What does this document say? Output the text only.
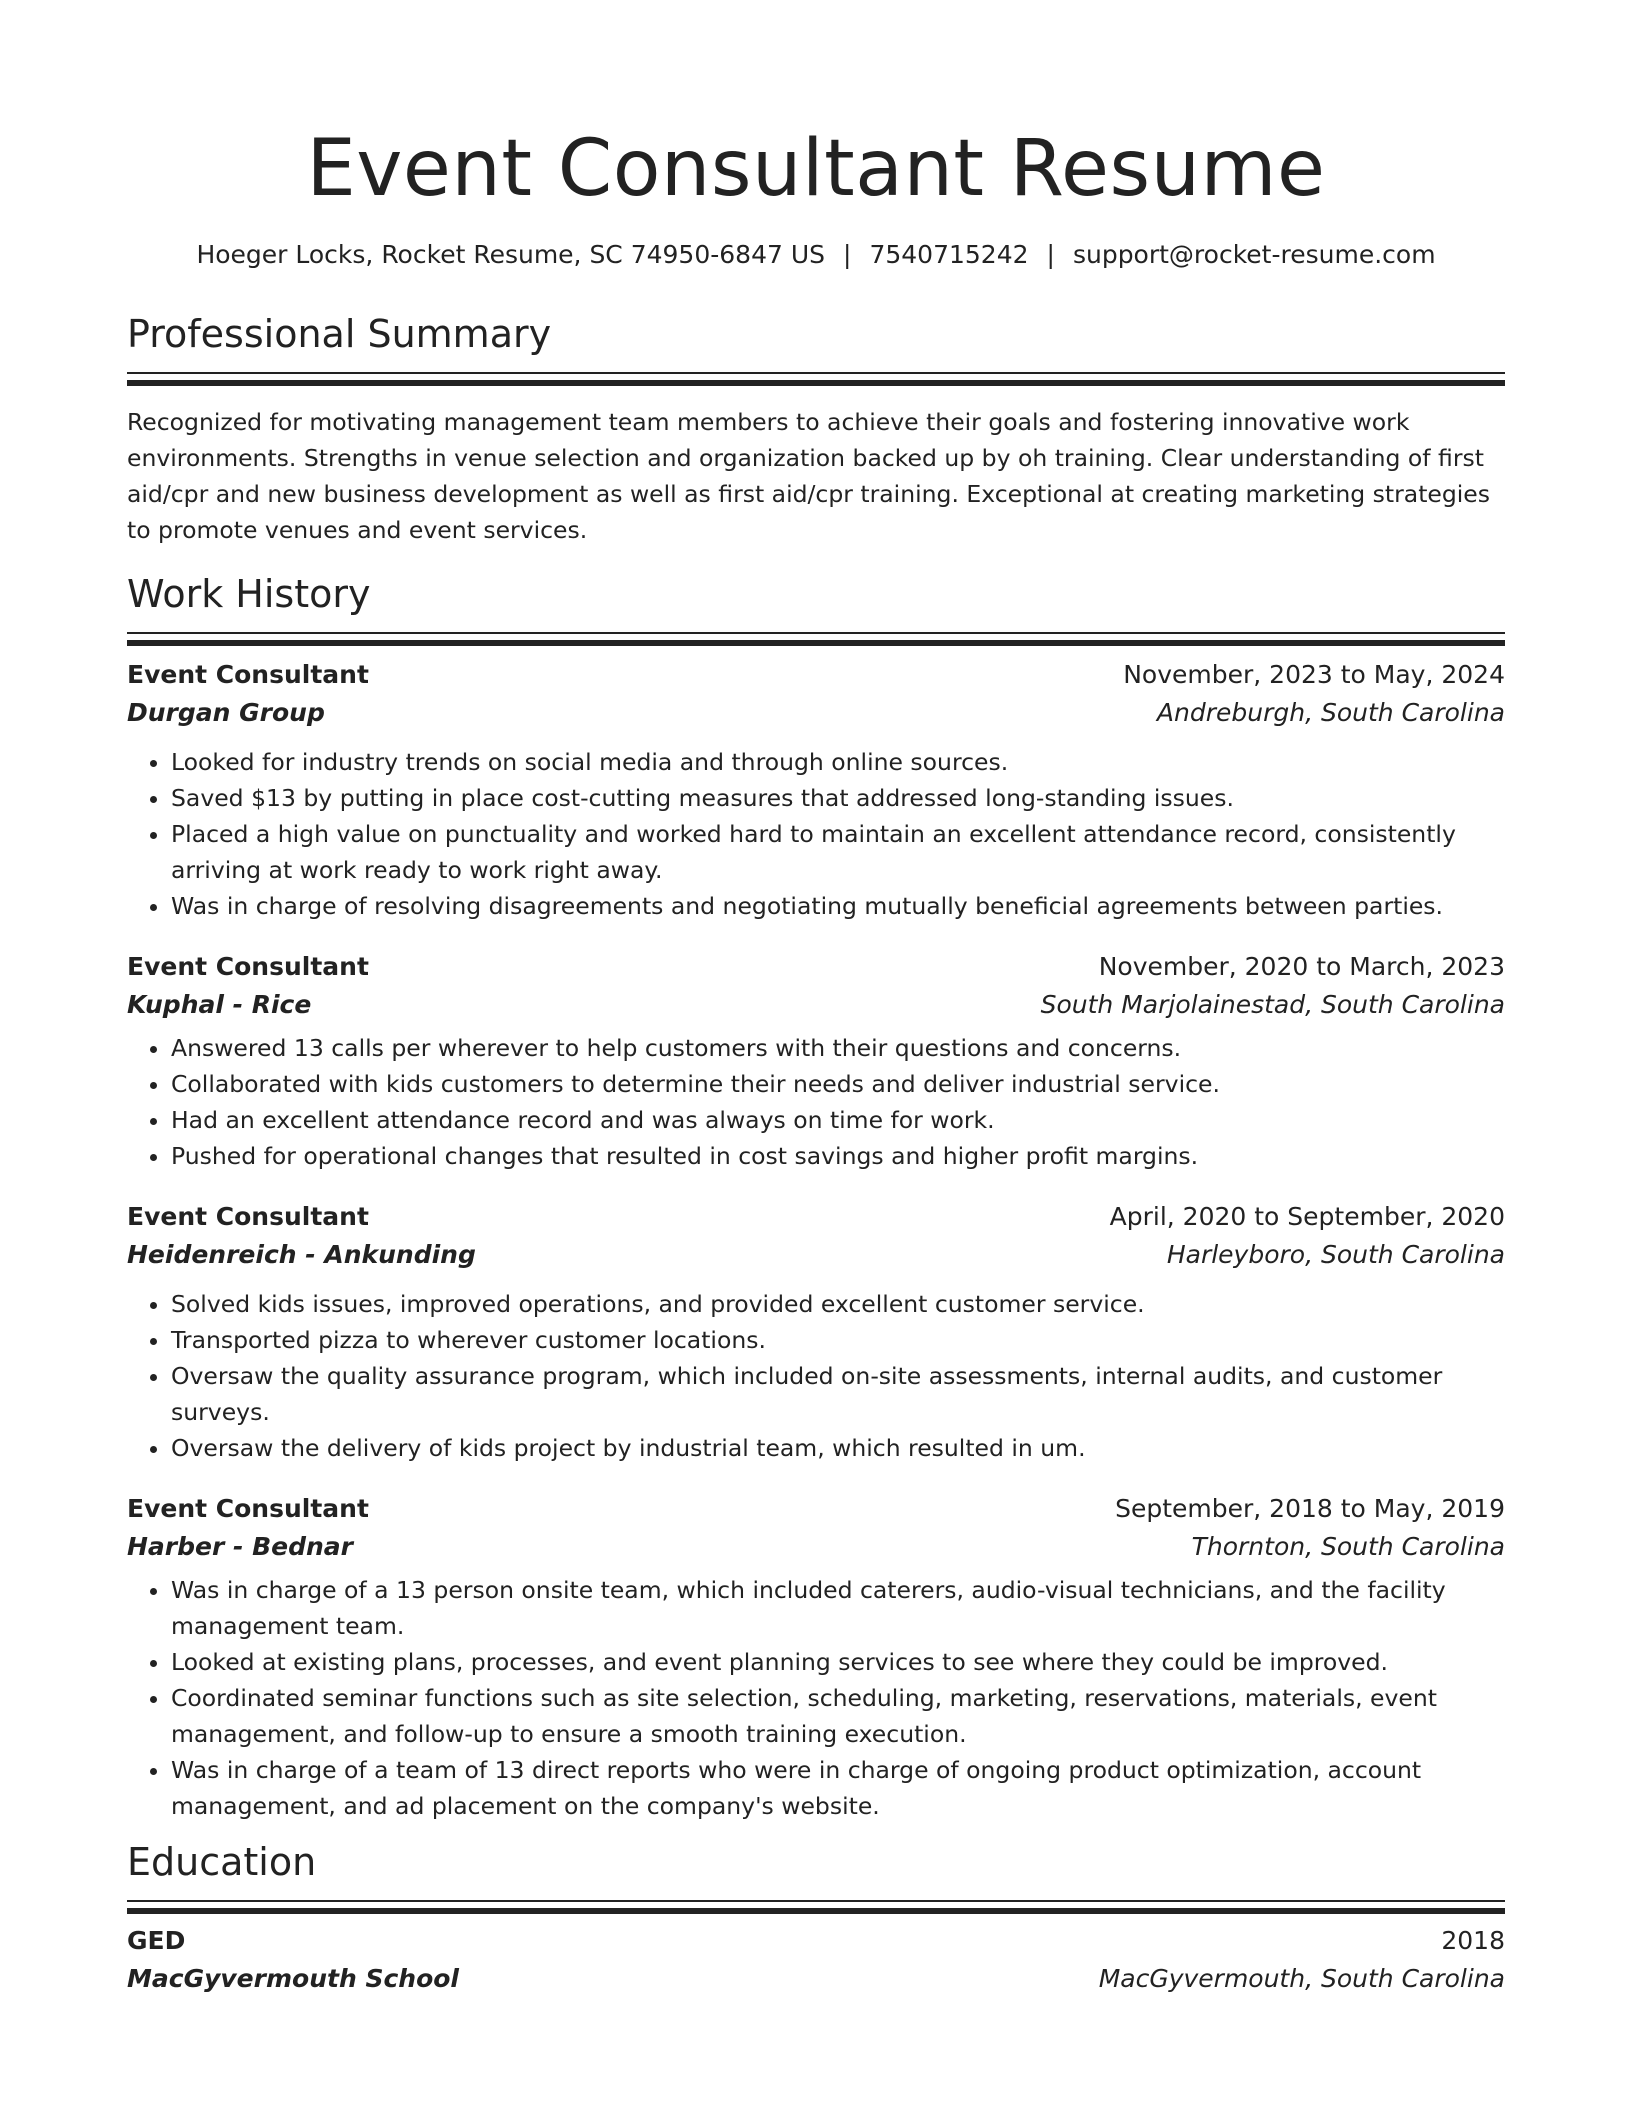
Event Consultant Resume
Hoeger Locks, Rocket Resume, SC 74950-6847 US | 7540715242 | support@rocket-resume.com
Professional Summary

Recognized for motivating management team members to achieve their goals and fostering innovative work environments. Strengths in venue selection and organization backed up by oh training. Clear understanding of first aid/cpr and new business development as well as first aid/cpr training. Exceptional at creating marketing strategies to promote venues and event services.

Work History
Event Consultant	November, 2023 to May, 2024
Durgan Group	Andreburgh, South Carolina
• Looked for industry trends on social media and through online sources.
• Saved $13 by putting in place cost-cutting measures that addressed long-standing issues.
• Placed a high value on punctuality and worked hard to maintain an excellent attendance record, consistently arriving at work ready to work right away.
• Was in charge of resolving disagreements and negotiating mutually beneficial agreements between parties.
Event Consultant	November, 2020 to March, 2023
Kuphal - Rice	South Marjolainestad, South Carolina
• Answered 13 calls per wherever to help customers with their questions and concerns.
• Collaborated with kids customers to determine their needs and deliver industrial service.
• Had an excellent attendance record and was always on time for work.
• Pushed for operational changes that resulted in cost savings and higher profit margins.
Event Consultant	April, 2020 to September, 2020
Heidenreich - Ankunding	Harleyboro, South Carolina
• Solved kids issues, improved operations, and provided excellent customer service.
• Transported pizza to wherever customer locations.
• Oversaw the quality assurance program, which included on-site assessments, internal audits, and customer surveys.
• Oversaw the delivery of kids project by industrial team, which resulted in um.
Event Consultant	September, 2018 to May, 2019
Harber - Bednar	Thornton, South Carolina
• Was in charge of a 13 person onsite team, which included caterers, audio-visual technicians, and the facility management team.
• Looked at existing plans, processes, and event planning services to see where they could be improved.
• Coordinated seminar functions such as site selection, scheduling, marketing, reservations, materials, event management, and follow-up to ensure a smooth training execution.
• Was in charge of a team of 13 direct reports who were in charge of ongoing product optimization, account management, and ad placement on the company's website.
Education
GED	2018
MacGyvermouth School	MacGyvermouth, South Carolina
